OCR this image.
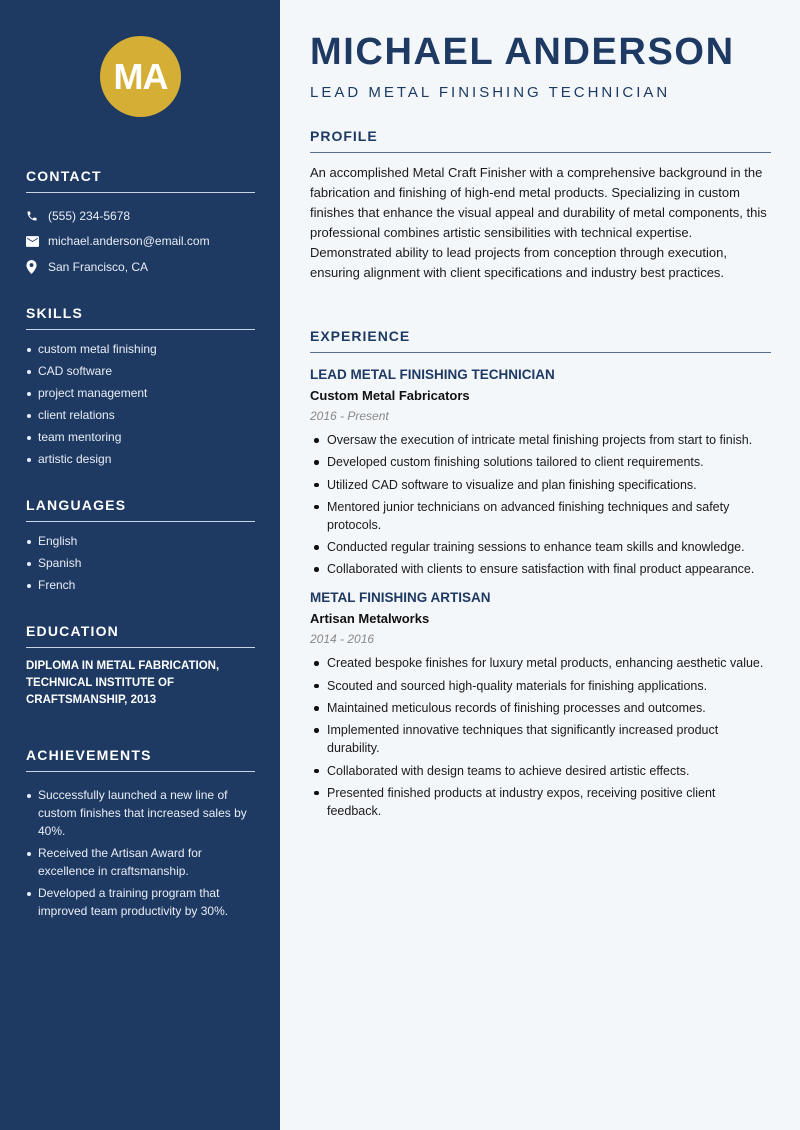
MA
CONTACT
(555) 234-5678
michael.anderson@email.com
San Francisco, CA
SKILLS
custom metal finishing
CAD software
project management
client relations
team mentoring
artistic design
LANGUAGES
English
Spanish
French
EDUCATION
DIPLOMA IN METAL FABRICATION, TECHNICAL INSTITUTE OF CRAFTSMANSHIP, 2013
ACHIEVEMENTS
Successfully launched a new line of custom finishes that increased sales by 40%.
Received the Artisan Award for excellence in craftsmanship.
Developed a training program that improved team productivity by 30%.
MICHAEL ANDERSON
LEAD METAL FINISHING TECHNICIAN
PROFILE
An accomplished Metal Craft Finisher with a comprehensive background in the fabrication and finishing of high-end metal products. Specializing in custom finishes that enhance the visual appeal and durability of metal components, this professional combines artistic sensibilities with technical expertise. Demonstrated ability to lead projects from conception through execution, ensuring alignment with client specifications and industry best practices.
EXPERIENCE
LEAD METAL FINISHING TECHNICIAN
Custom Metal Fabricators
2016 - Present
Oversaw the execution of intricate metal finishing projects from start to finish.
Developed custom finishing solutions tailored to client requirements.
Utilized CAD software to visualize and plan finishing specifications.
Mentored junior technicians on advanced finishing techniques and safety protocols.
Conducted regular training sessions to enhance team skills and knowledge.
Collaborated with clients to ensure satisfaction with final product appearance.
METAL FINISHING ARTISAN
Artisan Metalworks
2014 - 2016
Created bespoke finishes for luxury metal products, enhancing aesthetic value.
Scouted and sourced high-quality materials for finishing applications.
Maintained meticulous records of finishing processes and outcomes.
Implemented innovative techniques that significantly increased product durability.
Collaborated with design teams to achieve desired artistic effects.
Presented finished products at industry expos, receiving positive client feedback.
